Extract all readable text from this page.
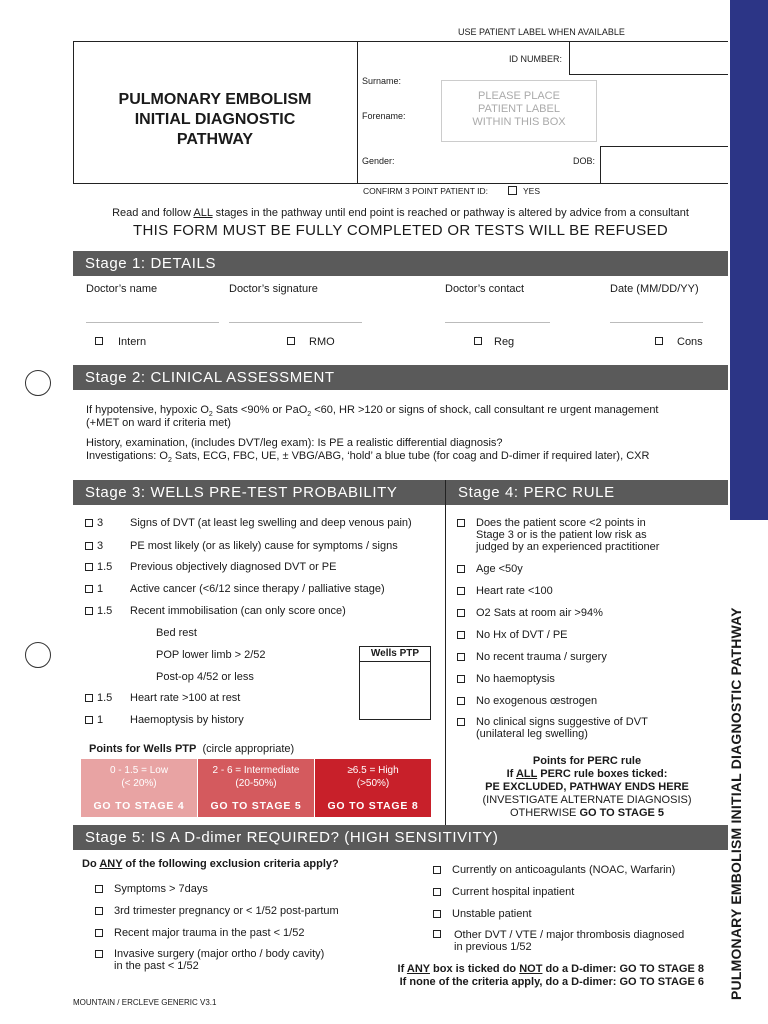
PULMONARY EMBOLISM INITIAL DIAGNOSTIC PATHWAY
USE PATIENT LABEL WHEN AVAILABLE
PULMONARY EMBOLISM
INITIAL DIAGNOSTIC
PATHWAY
ID NUMBER:
Surname:
Forename:
Gender:	DOB:
PLEASE PLACE
PATIENT LABEL
WITHIN THIS BOX
CONFIRM 3 POINT PATIENT ID:	YES
Read and follow ALL stages in the pathway until end point is reached or pathway is altered by advice from a consultant
THIS FORM MUST BE FULLY COMPLETED OR TESTS WILL BE REFUSED
Stage 1: DETAILS
Doctor’s name	Doctor’s signature	Doctor’s contact	Date (MM/DD/YY)
Intern	RMO	Reg	Cons
Stage 2: CLINICAL ASSESSMENT
If hypotensive, hypoxic $O_2$ Sats <90% or PaO$_2$ <60, HR >120 or signs of shock, call consultant re urgent management
(+MET on ward if criteria met)
History, examination, (includes DVT/leg exam): Is PE a realistic differential diagnosis?
Investigations: $O_2$ Sats, ECG, FBC, UE, ± VBG/ABG, ‘hold’ a blue tube (for coag and D-dimer if required later), CXR
Stage 3: WELLS PRE-TEST PROBABILITY
3 Signs of DVT (at least leg swelling and deep venous pain)
3 PE most likely (or as likely) cause for symptoms / signs
1.5 Previous objectively diagnosed DVT or PE
1 Active cancer (<6/12 since therapy / palliative stage)
1.5 Recent immobilisation (can only score once)
1.5 Heart rate >100 at rest
1 Haemoptysis by history
Bed rest
POP lower limb > 2/52
Post-op 4/52 or less
Wells PTP
Points for Wells PTP (circle appropriate)
0 - 1.5 = Low
(< 20%)
GO TO STAGE 4
2 - 6 = Intermediate
(20-50%)
GO TO STAGE 5
≥6.5 = High
(>50%)
GO TO STAGE 8
Stage 4: PERC RULE
Does the patient score <2 points in
Stage 3 or is the patient low risk as
judged by an experienced practitioner
Age <50y
Heart rate <100
O2 Sats at room air >94%
No Hx of DVT / PE
No recent trauma / surgery
No haemoptysis
No exogenous œstrogen
No clinical signs suggestive of DVT
(unilateral leg swelling)
Points for PERC rule
If ALL PERC rule boxes ticked:
PE EXCLUDED, PATHWAY ENDS HERE
(INVESTIGATE ALTERNATE DIAGNOSIS)
OTHERWISE GO TO STAGE 5
Stage 5: IS A D-dimer REQUIRED? (HIGH SENSITIVITY)
Do ANY of the following exclusion criteria apply?
Symptoms > 7days
3rd trimester pregnancy or < 1/52 post-partum
Recent major trauma in the past < 1/52
Invasive surgery (major ortho / body cavity)
in the past < 1/52
Currently on anticoagulants (NOAC, Warfarin)
Current hospital inpatient
Unstable patient
Other DVT / VTE / major thrombosis diagnosed
in previous 1/52
If ANY box is ticked do NOT do a D-dimer: GO TO STAGE 8
If none of the criteria apply, do a D-dimer: GO TO STAGE 6
MOUNTAIN / ERCLEVE GENERIC V3.1
